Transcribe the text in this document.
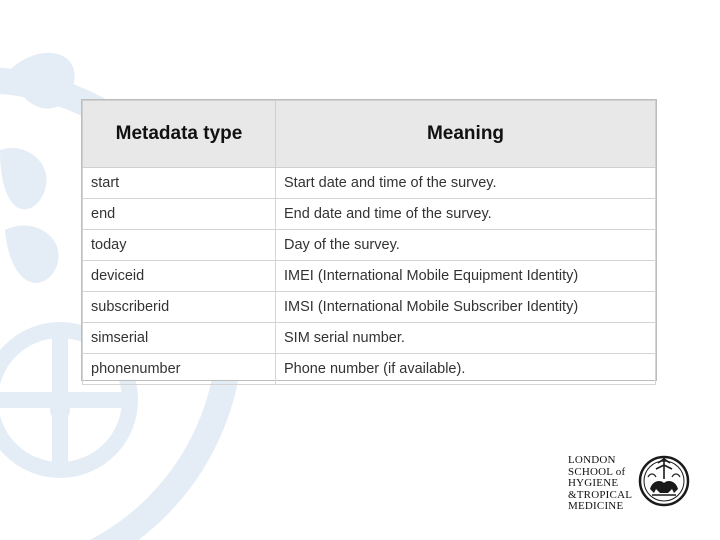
Metadata type	Meaning
start	Start date and time of the survey.
end	End date and time of the survey.
today	Day of the survey.
deviceid	IMEI (International Mobile Equipment Identity)
subscriberid	IMSI (International Mobile Subscriber Identity)
simserial	SIM serial number.
phonenumber	Phone number (if available).
LONDON
SCHOOL of
HYGIENE
&TROPICAL
MEDICINE
